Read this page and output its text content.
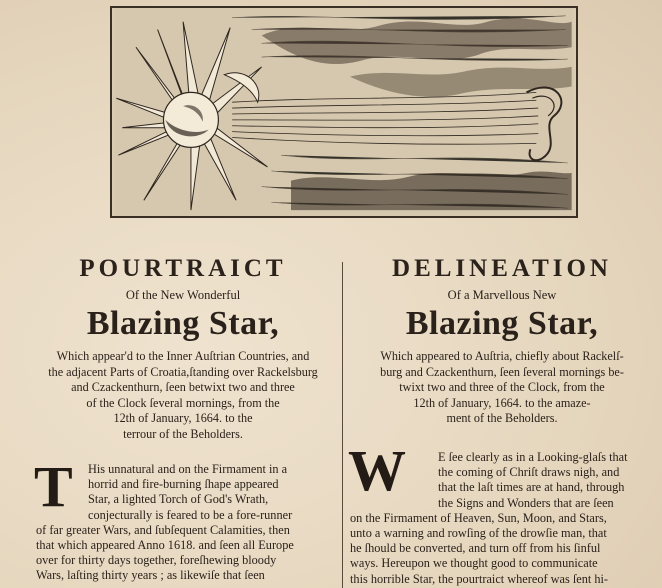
POURTRAICT
Of the New Wonderful
Blazing Star,
Which appear'd to the Inner Auſtrian Countries, and
the adjacent Parts of Croatia,ſtanding over Rackelsburg
and Czackenthurn, ſeen betwixt two and three
of the Clock ſeveral mornings, from the
12th of January, 1664. to the
terrour of the Beholders.
DELINEATION
Of a Marvellous New
Blazing Star,
Which appeared to Auſtria, chiefly about Rackelſ-
burg and Czackenthurn, ſeen ſeveral mornings be-
twixt two and three of the Clock, from the
12th of January, 1664. to the amaze-
ment of the Beholders.
T	His unnatural and on the Firmament in a
horrid and fire-burning ſhape appeared
Star, a lighted Torch of God's Wrath,
conjecturally is feared to be a fore-runner
of far greater Wars, and ſubſequent Calamities, then
that which appeared Anno 1618. and ſeen all Europe
over for thirty days together, foreſhewing bloody
Wars, laſting thirty years ; as likewiſe that ſeen
W	E ſee clearly as in a Looking-glaſs that
the coming of Chriſt draws nigh, and
that the laſt times are at hand, through
the Signs and Wonders that are ſeen
on the Firmament of Heaven, Sun, Moon, and Stars,
unto a warning and rowſing of the drowſie man, that
he ſhould be converted, and turn off from his ſinful
ways. Hereupon we thought good to communicate
this horrible Star, the pourtraict whereof was ſent hi-
